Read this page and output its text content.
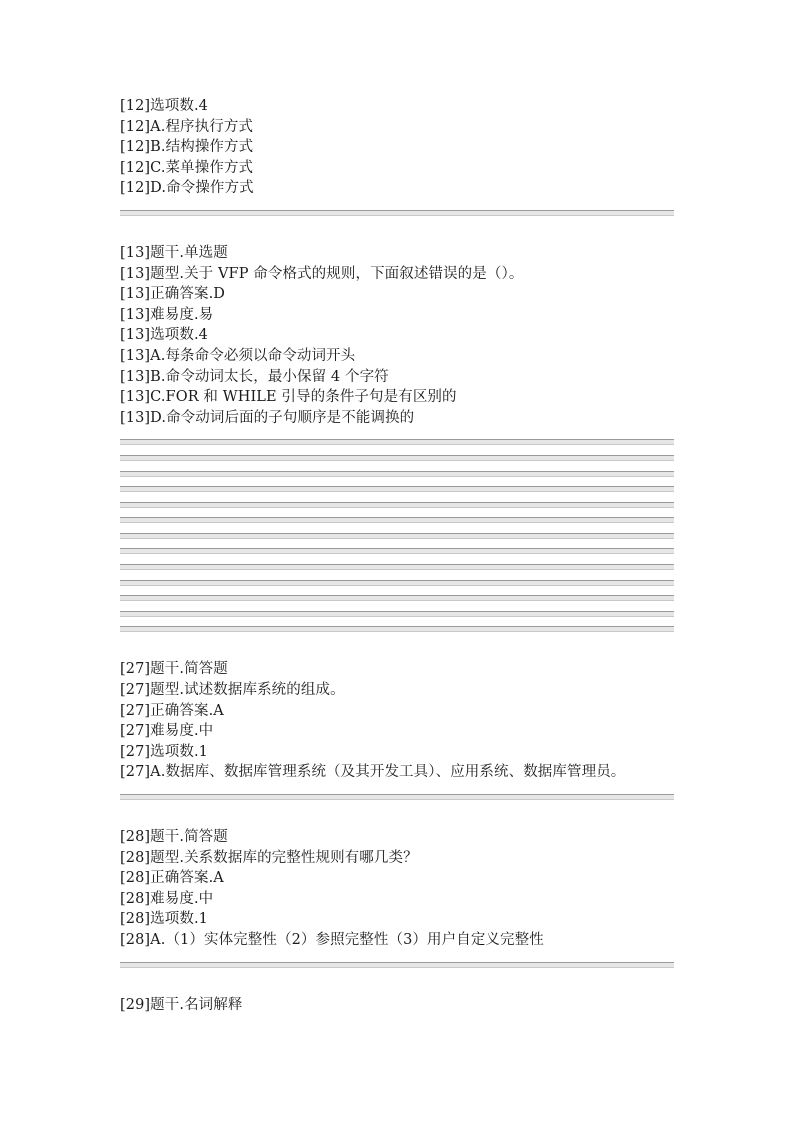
[12]选项数.4
[12]A.程序执行方式
[12]B.结构操作方式
[12]C.菜单操作方式
[12]D.命令操作方式
[13]题干.单选题
[13]题型.关于 VFP 命令格式的规则，下面叙述错误的是（）。
[13]正确答案.D
[13]难易度.易
[13]选项数.4
[13]A.每条命令必须以命令动词开头
[13]B.命令动词太长，最小保留 4 个字符
[13]C.FOR 和 WHILE 引导的条件子句是有区别的
[13]D.命令动词后面的子句顺序是不能调换的
[27]题干.简答题
[27]题型.试述数据库系统的组成。
[27]正确答案.A
[27]难易度.中
[27]选项数.1
[27]A.数据库、数据库管理系统（及其开发工具）、应用系统、数据库管理员。
[28]题干.简答题
[28]题型.关系数据库的完整性规则有哪几类？
[28]正确答案.A
[28]难易度.中
[28]选项数.1
[28]A.（1）实体完整性（2）参照完整性（3）用户自定义完整性
[29]题干.名词解释
